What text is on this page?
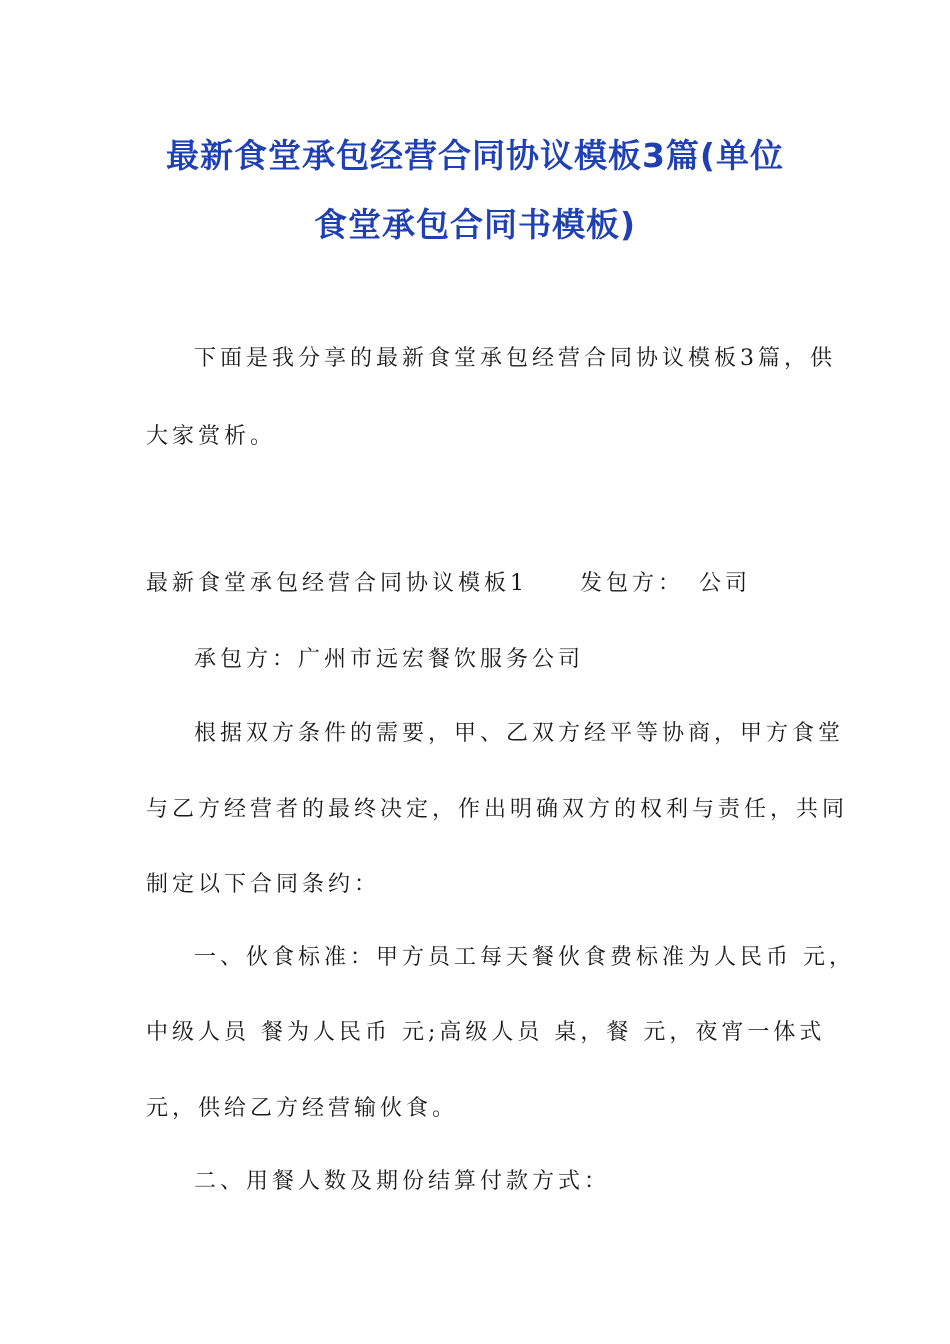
最新食堂承包经营合同协议模板3篇(单位
食堂承包合同书模板)
下面是我分享的最新食堂承包经营合同协议模板3篇，供
大家赏析。
最新食堂承包经营合同协议模板1　　发包方：　公司
承包方：广州市远宏餐饮服务公司
根据双方条件的需要，甲、乙双方经平等协商，甲方食堂
与乙方经营者的最终决定，作出明确双方的权利与责任，共同
制定以下合同条约：
一、伙食标准：甲方员工每天餐伙食费标准为人民币 元，
中级人员 餐为人民币 元;高级人员 桌，餐 元，夜宵一体式
元，供给乙方经营输伙食。
二、用餐人数及期份结算付款方式：
